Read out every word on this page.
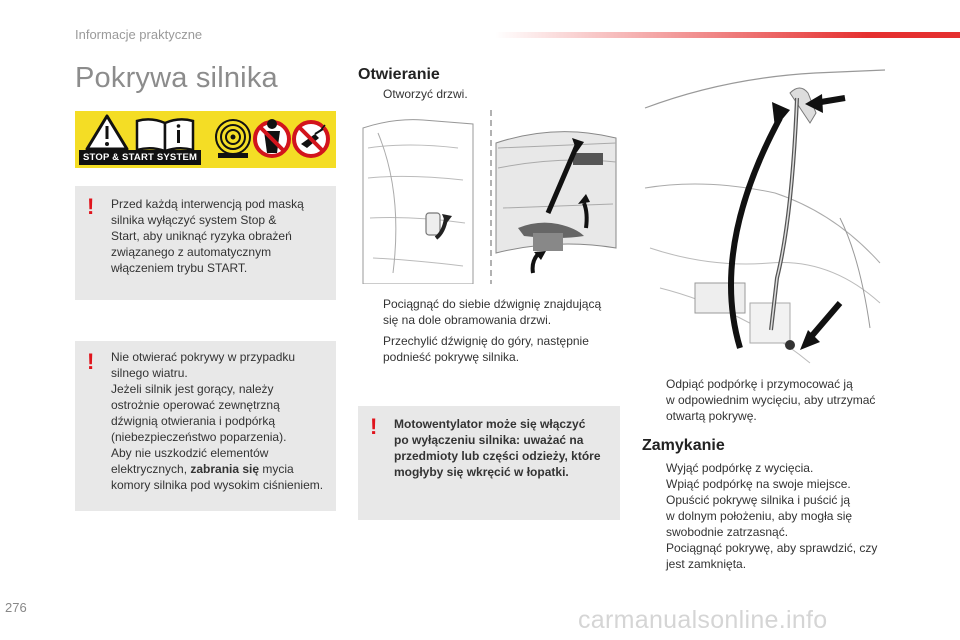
Informacje praktyczne
Pokrywa silnika
STOP & START SYSTEM
! Przed każdą interwencją pod maską
silnika wyłączyć system Stop &
Start, aby uniknąć ryzyka obrażeń
związanego z automatycznym
włączeniem trybu START.
! Nie otwierać pokrywy w przypadku
silnego wiatru.
Jeżeli silnik jest gorący, należy
ostrożnie operować zewnętrzną
dźwignią otwierania i podpórką
(niebezpieczeństwo poparzenia).
Aby nie uszkodzić elementów
elektrycznych, zabrania się mycia
komory silnika pod wysokim ciśnieniem.
Otwieranie
Otworzyć drzwi.
Pociągnąć do siebie dźwignię znajdującą
się na dole obramowania drzwi.
Przechylić dźwignię do góry, następnie
podnieść pokrywę silnika.
! Motowentylator może się włączyć
po wyłączeniu silnika: uważać na
przedmioty lub części odzieży, które
mogłyby się wkręcić w łopatki.
Odpiąć podpórkę i przymocować ją
w odpowiednim wycięciu, aby utrzymać
otwartą pokrywę.
Zamykanie
Wyjąć podpórkę z wycięcia.
Wpiąć podpórkę na swoje miejsce.
Opuścić pokrywę silnika i puścić ją
w dolnym położeniu, aby mogła się
swobodnie zatrzasnąć.
Pociągnąć pokrywę, aby sprawdzić, czy
jest zamknięta.
276	carmanualsonline.info
